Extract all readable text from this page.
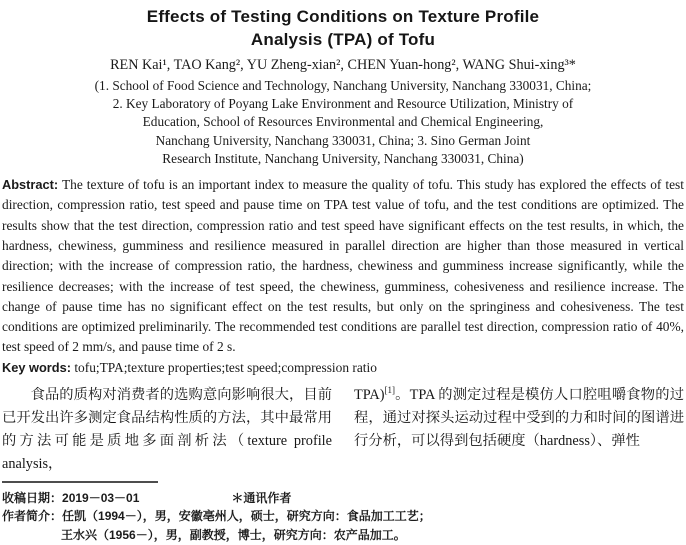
Effects of Testing Conditions on Texture Profile
Analysis (TPA) of Tofu
REN Kai¹, TAO Kang², YU Zheng-xian², CHEN Yuan-hong², WANG Shui-xing³*
(1. School of Food Science and Technology, Nanchang University, Nanchang 330031, China;
2. Key Laboratory of Poyang Lake Environment and Resource Utilization, Ministry of
Education, School of Resources Environmental and Chemical Engineering,
Nanchang University, Nanchang 330031, China; 3. Sino German Joint
Research Institute, Nanchang University, Nanchang 330031, China)

Abstract: The texture of tofu is an important index to measure the quality of tofu. This study has explored the effects of test direction, compression ratio, test speed and pause time on TPA test value of tofu, and the test conditions are optimized. The results show that the test direction, compression ratio and test speed have significant effects on the test results, in which, the hardness, chewiness, gumminess and resilience measured in parallel direction are higher than those measured in vertical direction; with the increase of compression ratio, the hardness, chewiness and gumminess increase significantly, while the resilience decreases; with the increase of test speed, the chewiness, gumminess, cohesiveness and resilience increase. The change of pause time has no significant effect on the test results, but only on the springiness and cohesiveness. The test conditions are optimized preliminarily. The recommended test conditions are parallel test direction, compression ratio of 40%, test speed of 2 mm/s, and pause time of 2 s.

Key words: tofu;TPA;texture properties;test speed;compression ratio

食品的质构对消费者的选购意向影响很大，目前已开发出许多测定食品结构性质的方法，其中最常用的方法可能是质地多面剖析法（texture profile analysis，

TPA)[1]。TPA 的测定过程是模仿人口腔咀嚼食物的过程，通过对探头运动过程中受到的力和时间的图谱进行分析，可以得到包括硬度（hardness）、弹性

收稿日期：2019－03－01	＊通讯作者
作者简介：任凯（1994－），男，安徽亳州人，硕士，研究方向：食品加工工艺；
王水兴（1956－），男，副教授，博士，研究方向：农产品加工。
